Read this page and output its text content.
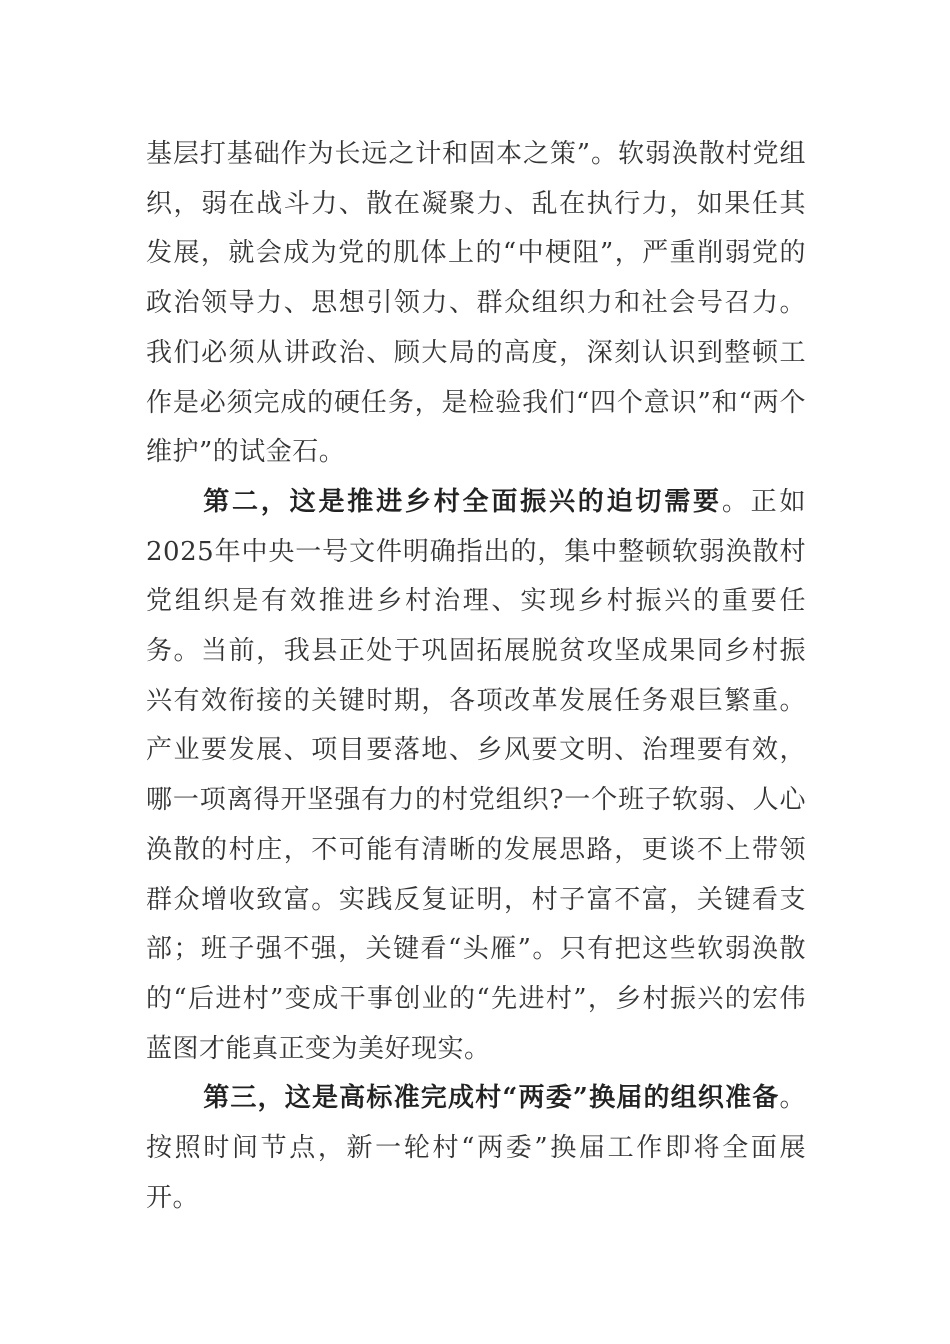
基层打基础作为长远之计和固本之策”。软弱涣散村党组织，弱在战斗力、散在凝聚力、乱在执行力，如果任其发展，就会成为党的肌体上的“中梗阻”，严重削弱党的政治领导力、思想引领力、群众组织力和社会号召力。我们必须从讲政治、顾大局的高度，深刻认识到整顿工作是必须完成的硬任务，是检验我们“四个意识”和“两个维护”的试金石。

第二，这是推进乡村全面振兴的迫切需要。正如2025年中央一号文件明确指出的，集中整顿软弱涣散村党组织是有效推进乡村治理、实现乡村振兴的重要任务。当前，我县正处于巩固拓展脱贫攻坚成果同乡村振兴有效衔接的关键时期，各项改革发展任务艰巨繁重。产业要发展、项目要落地、乡风要文明、治理要有效，哪一项离得开坚强有力的村党组织?一个班子软弱、人心涣散的村庄，不可能有清晰的发展思路，更谈不上带领群众增收致富。实践反复证明，村子富不富，关键看支部；班子强不强，关键看“头雁”。只有把这些软弱涣散的“后进村”变成干事创业的“先进村”，乡村振兴的宏伟蓝图才能真正变为美好现实。

第三，这是高标准完成村“两委”换届的组织准备。按照时间节点，新一轮村“两委”换届工作即将全面展开。
